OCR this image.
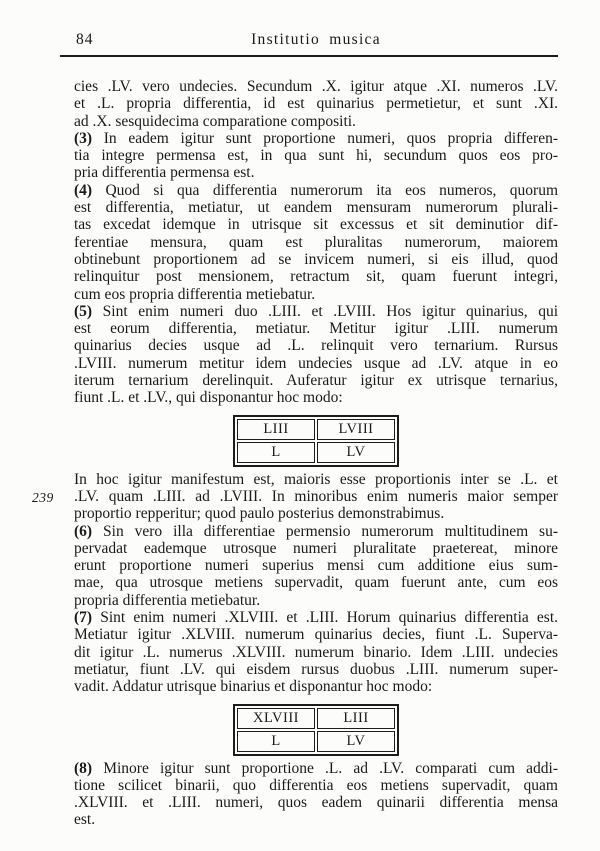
84	Institutio musica
cies .LV. vero undecies. Secundum .X. igitur atque .XI. numeros .LV.
et .L. propria differentia, id est quinarius permetietur, et sunt .XI.
ad .X. sesquidecima comparatione compositi.
(3) In eadem igitur sunt proportione numeri, quos propria differen-
tia integre permensa est, in qua sunt hi, secundum quos eos pro-
pria differentia permensa est.
(4) Quod si qua differentia numerorum ita eos numeros, quorum
est differentia, metiatur, ut eandem mensuram numerorum plurali-
tas excedat idemque in utrisque sit excessus et sit deminutior dif-
ferentiae mensura, quam est pluralitas numerorum, maiorem
obtinebunt proportionem ad se invicem numeri, si eis illud, quod
relinquitur post mensionem, retractum sit, quam fuerunt integri,
cum eos propria differentia metiebatur.
(5) Sint enim numeri duo .LIII. et .LVIII. Hos igitur quinarius, qui
est eorum differentia, metiatur. Metitur igitur .LIII. numerum
quinarius decies usque ad .L. relinquit vero ternarium. Rursus
.LVIII. numerum metitur idem undecies usque ad .LV. atque in eo
iterum ternarium derelinquit. Auferatur igitur ex utrisque ternarius,
fiunt .L. et .LV., qui disponantur hoc modo:
LIII	LVIII
L	LV
In hoc igitur manifestum est, maioris esse proportionis inter se .L. et
239 .LV. quam .LIII. ad .LVIII. In minoribus enim numeris maior semper
proportio repperitur; quod paulo posterius demonstrabimus.
(6) Sin vero illa differentiae permensio numerorum multitudinem su-
pervadat eademque utrosque numeri pluralitate praetereat, minore
erunt proportione numeri superius mensi cum additione eius sum-
mae, qua utrosque metiens supervadit, quam fuerunt ante, cum eos
propria differentia metiebatur.
(7) Sint enim numeri .XLVIII. et .LIII. Horum quinarius differentia est.
Metiatur igitur .XLVIII. numerum quinarius decies, fiunt .L. Superva-
dit igitur .L. numerus .XLVIII. numerum binario. Idem .LIII. undecies
metiatur, fiunt .LV. qui eisdem rursus duobus .LIII. numerum super-
vadit. Addatur utrisque binarius et disponantur hoc modo:
XLVIII	LIII
L	LV
(8) Minore igitur sunt proportione .L. ad .LV. comparati cum addi-
tione scilicet binarii, quo differentia eos metiens supervadit, quam
.XLVIII. et .LIII. numeri, quos eadem quinarii differentia mensa
est.
